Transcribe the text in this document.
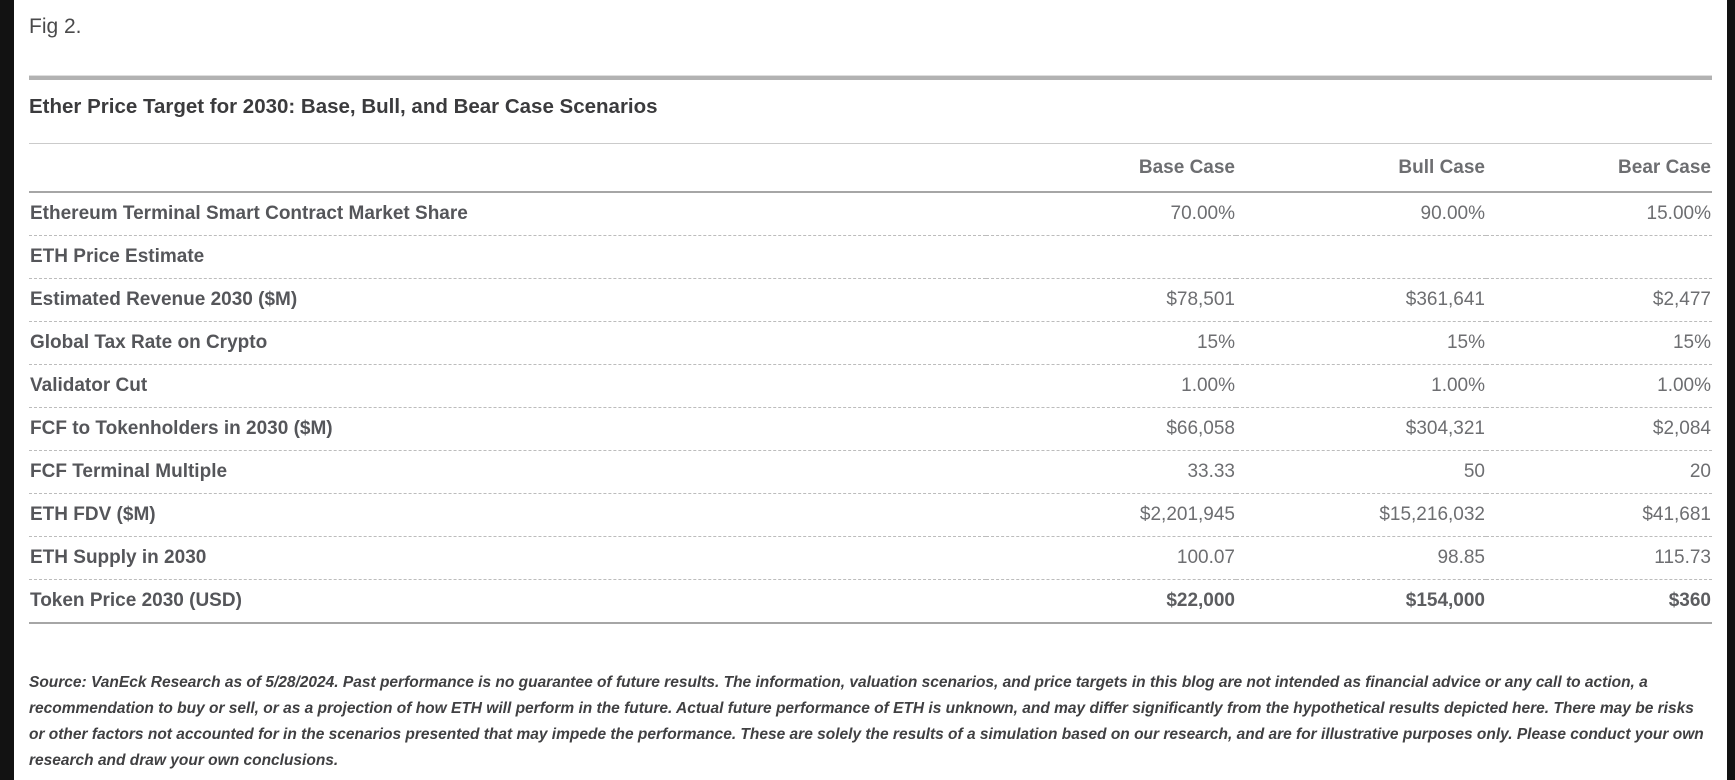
Fig 2.
Ether Price Target for 2030: Base, Bull, and Bear Case Scenarios
	Base Case	Bull Case	Bear Case
Ethereum Terminal Smart Contract Market Share	70.00%	90.00%	15.00%
ETH Price Estimate			
Estimated Revenue 2030 ($M)	$78,501	$361,641	$2,477
Global Tax Rate on Crypto	15%	15%	15%
Validator Cut	1.00%	1.00%	1.00%
FCF to Tokenholders in 2030 ($M)	$66,058	$304,321	$2,084
FCF Terminal Multiple	33.33	50	20
ETH FDV ($M)	$2,201,945	$15,216,032	$41,681
ETH Supply in 2030	100.07	98.85	115.73
Token Price 2030 (USD)	$22,000	$154,000	$360

Source: VanEck Research as of 5/28/2024. Past performance is no guarantee of future results. The information, valuation scenarios, and price targets in this blog are not intended as financial advice or any call to action, a recommendation to buy or sell, or as a projection of how ETH will perform in the future. Actual future performance of ETH is unknown, and may differ significantly from the hypothetical results depicted here. There may be risks or other factors not accounted for in the scenarios presented that may impede the performance. These are solely the results of a simulation based on our research, and are for illustrative purposes only. Please conduct your own research and draw your own conclusions.
